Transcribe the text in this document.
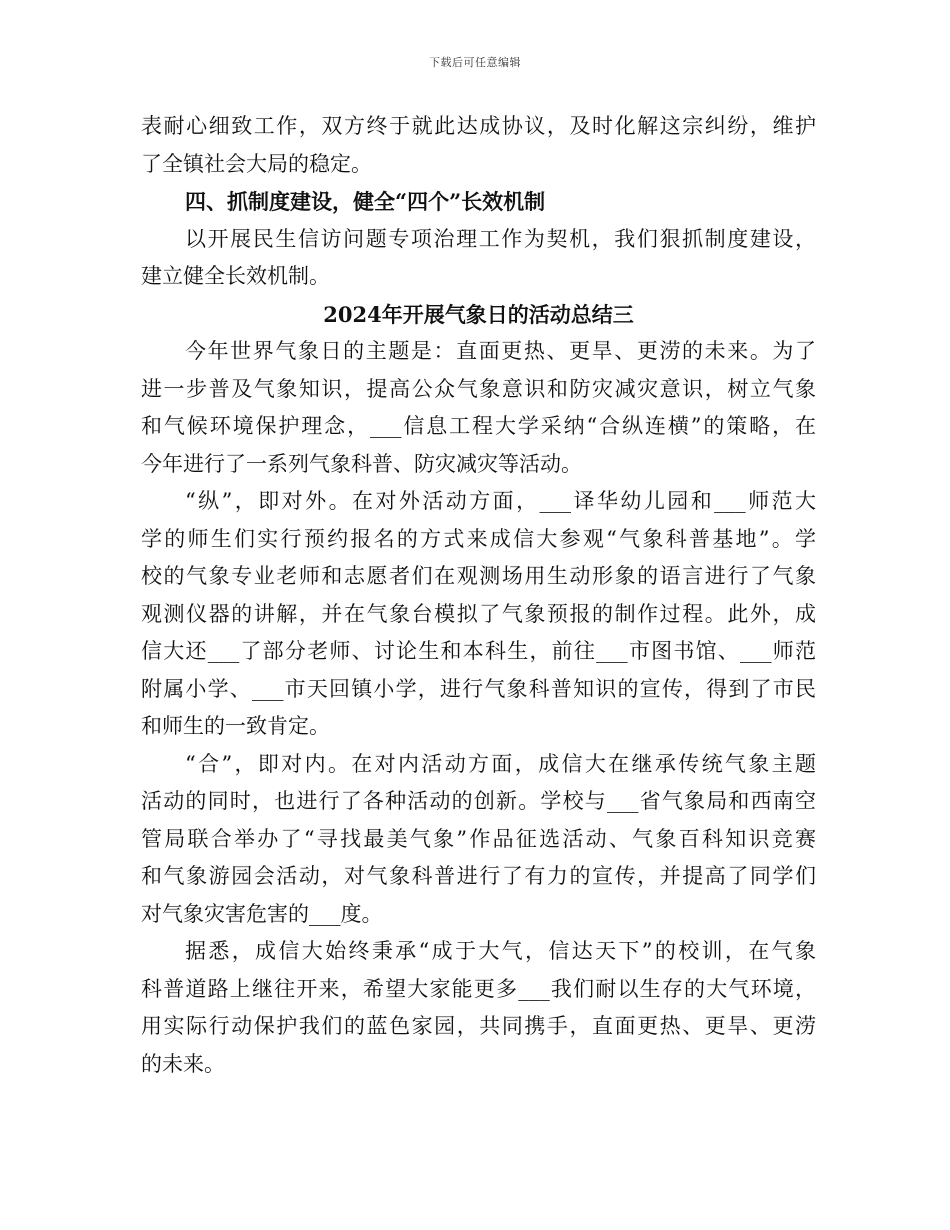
下载后可任意编辑
表耐心细致工作，双方终于就此达成协议，及时化解这宗纠纷，维护
了全镇社会大局的稳定。
四、抓制度建设，健全“四个”长效机制
以开展民生信访问题专项治理工作为契机，我们狠抓制度建设，
建立健全长效机制。
2024年开展气象日的活动总结三
今年世界气象日的主题是：直面更热、更旱、更涝的未来。为了
进一步普及气象知识，提高公众气象意识和防灾减灾意识，树立气象
和气候环境保护理念，___信息工程大学采纳“合纵连横”的策略，在
今年进行了一系列气象科普、防灾减灾等活动。
“纵”，即对外。在对外活动方面，___译华幼儿园和___师范大
学的师生们实行预约报名的方式来成信大参观“气象科普基地”。学
校的气象专业老师和志愿者们在观测场用生动形象的语言进行了气象
观测仪器的讲解，并在气象台模拟了气象预报的制作过程。此外，成
信大还___了部分老师、讨论生和本科生，前往___市图书馆、___师范
附属小学、___市天回镇小学，进行气象科普知识的宣传，得到了市民
和师生的一致肯定。
“合”，即对内。在对内活动方面，成信大在继承传统气象主题
活动的同时，也进行了各种活动的创新。学校与___省气象局和西南空
管局联合举办了“寻找最美气象”作品征选活动、气象百科知识竞赛
和气象游园会活动，对气象科普进行了有力的宣传，并提高了同学们
对气象灾害危害的___度。
据悉，成信大始终秉承“成于大气，信达天下”的校训，在气象
科普道路上继往开来，希望大家能更多___我们耐以生存的大气环境，
用实际行动保护我们的蓝色家园，共同携手，直面更热、更旱、更涝
的未来。
